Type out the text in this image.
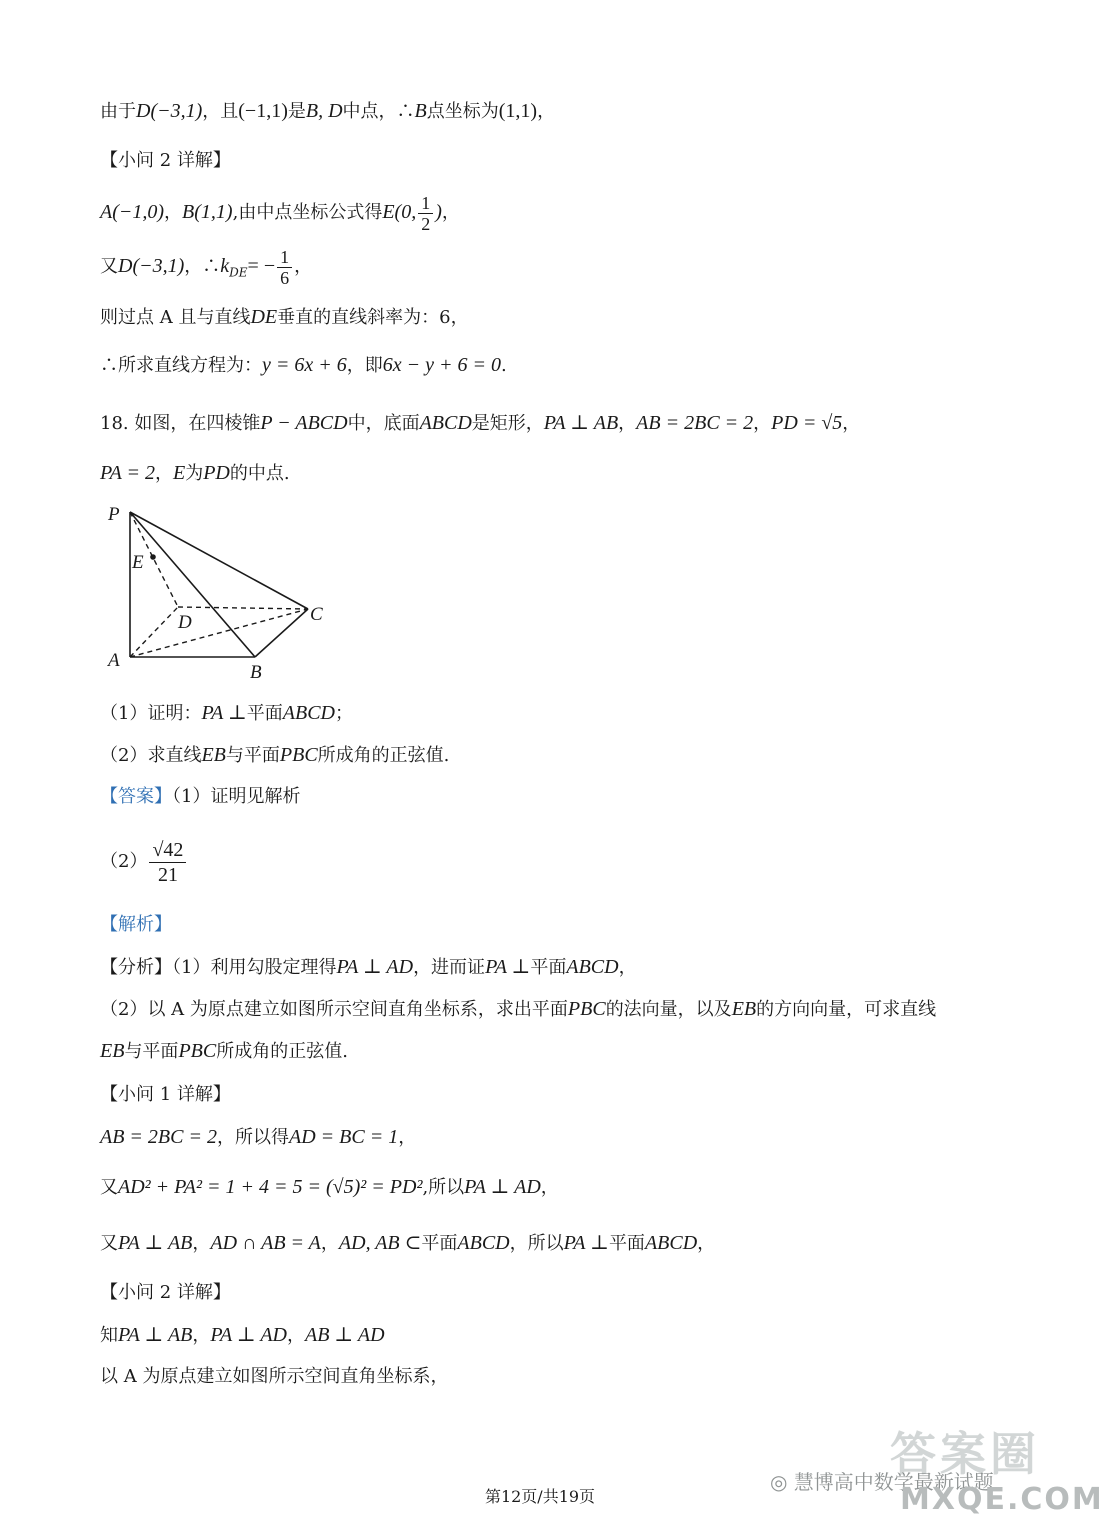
由于D(−3,1)，且(−1,1)是B, D中点，∴B点坐标为(1,1)，
【小问 2 详解】
A(−1,0)，B(1,1),由中点坐标公式得E(0, $\frac{1}{2}$ )，
又D(−3,1)，$\therefore k_{DE}= - \frac{1}{6}$ ，
则过点 A 且与直线DE垂直的直线斜率为：6，
∴所求直线方程为：y = 6x + 6，即6x − y + 6 = 0.
18. 如图，在四棱锥P − ABCD中，底面ABCD是矩形，PA ⊥ AB，AB = 2BC = 2，PD = √5，
PA = 2，E为PD的中点.
P
E
D	C
A
B
（1）证明：PA ⊥平面ABCD；
（2）求直线EB与平面PBC所成角的正弦值.
【答案】（1）证明见解析
$(2) \frac{√42}{21}$
【解析】
【分析】（1）利用勾股定理得PA ⊥ AD，进而证PA ⊥平面ABCD，
（2）以 A 为原点建立如图所示空间直角坐标系，求出平面PBC的法向量，以及EB的方向向量，可求直线
EB与平面PBC所成角的正弦值.
【小问 1 详解】
AB = 2BC = 2，所以得AD = BC = 1，
又AD² + PA² = 1 + 4 = 5 = (√5)² = PD²,所以PA ⊥ AD，
又PA ⊥ AB，AD ∩ AB = A，AD, AB ⊂平面ABCD，所以PA ⊥平面ABCD，
【小问 2 详解】
知PA ⊥ AB，PA ⊥ AD，AB ⊥ AD
以 A 为原点建立如图所示空间直角坐标系，
答案圈
◎ 慧博高中数学最新试题
MXQE.COM
第12页/共19页
